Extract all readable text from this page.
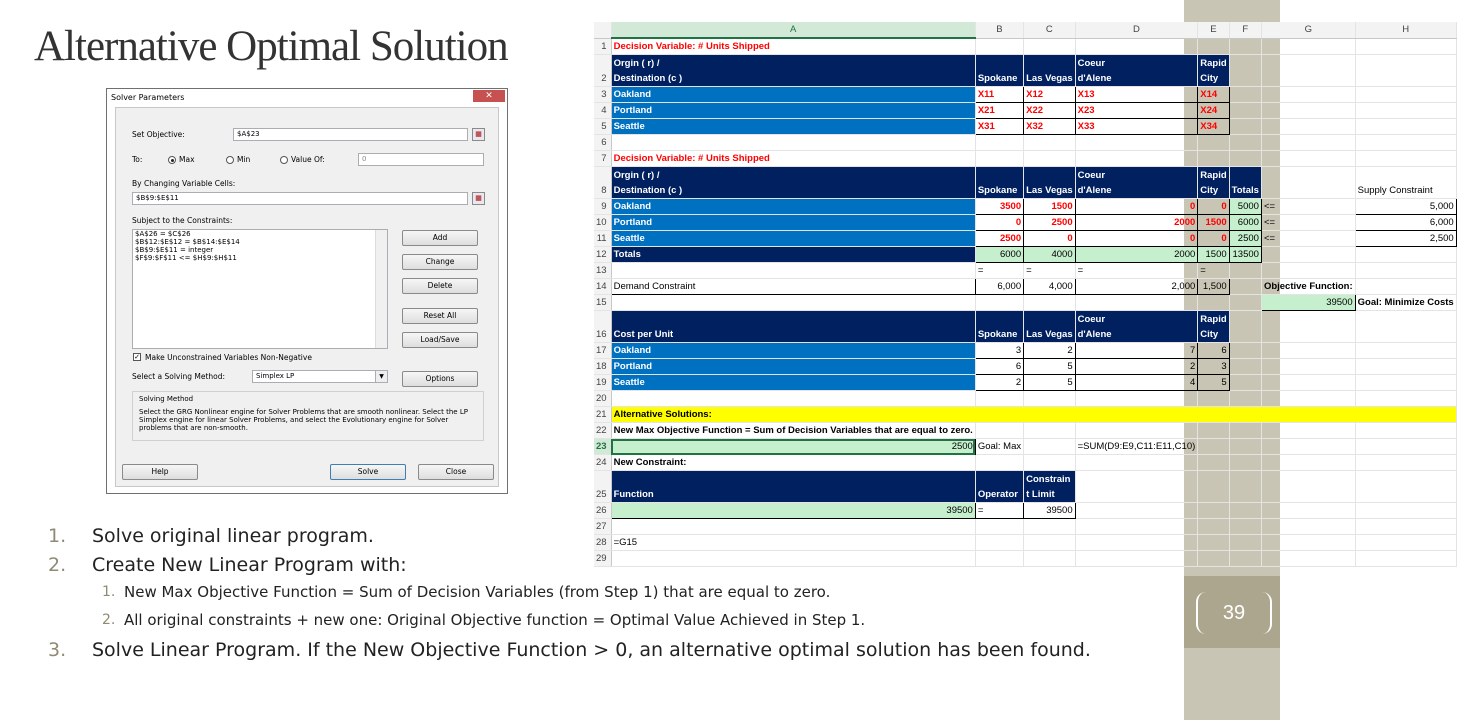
39
Alternative Optimal Solution
Solver Parameters	✕
Set Objective:	$A$23	▦
To:	Max	Min	Value Of:	0
By Changing Variable Cells:
$B$9:$E$11	▦
Subject to the Constraints:
$A$26 = $C$26
$B$12:$E$12 = $B$14:$E$14
$B$9:$E$11 = integer
$F$9:$F$11 <= $H$9:$H$11
Add
Change
Delete
Reset All
Load/Save
✓ Make Unconstrained Variables Non-Negative
Select a Solving Method:	Simplex LP	▼	Options
Solving Method
Select the GRG Nonlinear engine for Solver Problems that are smooth nonlinear. Select the LP Simplex engine for linear Solver Problems, and select the Evolutionary engine for Solver problems that are non-smooth.
Help	Solve	Close
	A	B	C	D	E	F	G	H
1	Decision Variable: # Units Shipped							
2	Orgin ( r) /
Destination (c )	Spokane	Las Vegas	Coeur
d'Alene	Rapid
City			
3	Oakland	X11	X12	X13	X14			
4	Portland	X21	X22	X23	X24			
5	Seattle	X31	X32	X33	X34			
6								
7	Decision Variable: # Units Shipped							
8	Orgin ( r) /
Destination (c )	Spokane	Las Vegas	Coeur
d'Alene	Rapid
City	Totals		Supply Constraint
9	Oakland	3500	1500	0	0	5000	<=	5,000
10	Portland	0	2500	2000	1500	6000	<=	6,000
11	Seattle	2500	0	0	0	2500	<=	2,500
12	Totals	6000	4000	2000	1500	13500		
13		=	=	=	=			
14	Demand Constraint	6,000	4,000	2,000	1,500		Objective Function:	
15							39500	Goal: Minimize Costs
16	Cost per Unit	Spokane	Las Vegas	Coeur
d'Alene	Rapid
City			
17	Oakland	3	2	7	6			
18	Portland	6	5	2	3			
19	Seattle	2	5	4	5			
20								
21	Alternative Solutions:							
22	New Max Objective Function = Sum of Decision Variables that are equal to zero.							
23	2500	Goal: Max		=SUM(D9:E9,C11:E11,C10)				
24	New Constraint:							
25	Function	Operator	Constrain
t Limit					
26	39500	=	39500					
27								
28	=G15							
29								
1. Solve original linear program.
2. Create New Linear Program with:
1. New Max Objective Function = Sum of Decision Variables (from Step 1) that are equal to zero.
2. All original constraints + new one: Original Objective function = Optimal Value Achieved in Step 1.
3. Solve Linear Program. If the New Objective Function > 0, an alternative optimal solution has been found.
